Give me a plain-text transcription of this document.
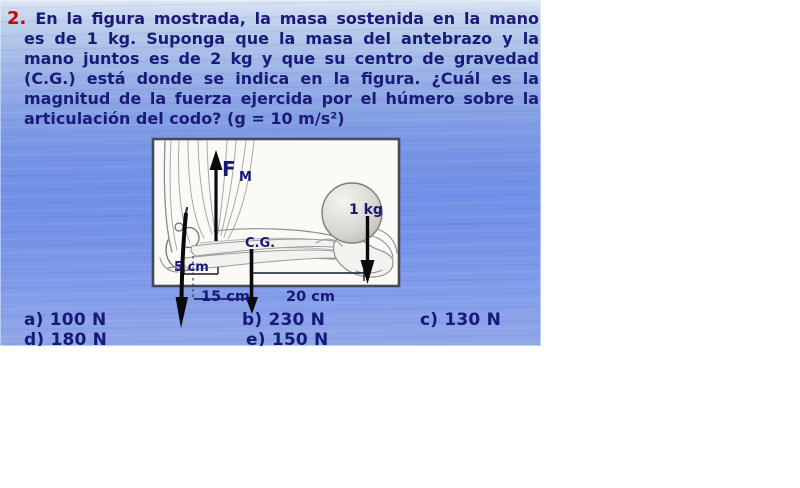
2. En la figura mostrada, la masa sostenida en la mano
es de 1 kg. Suponga que la masa del antebrazo y la
mano juntos es de 2 kg y que su centro de gravedad
(C.G.) está donde se indica en la figura. ¿Cuál es la
magnitud de la fuerza ejercida por el húmero sobre la
articulación del codo? (g = 10 m/s²)
F M
C.G.
1 kg
5 cm
15 cm 20 cm
a) 100 N	b) 230 N	c) 130 N
d) 180 N	e) 150 N
